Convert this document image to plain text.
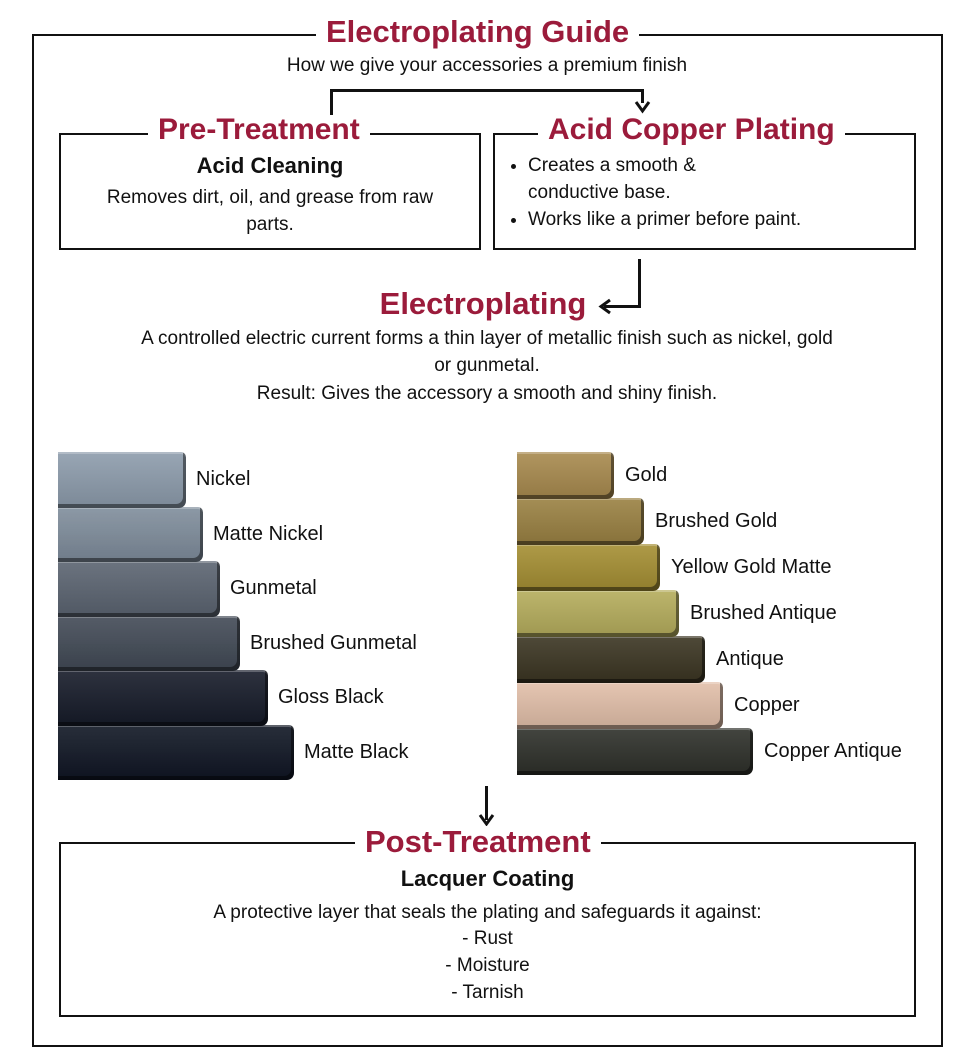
Electroplating Guide
How we give your accessories a premium finish
Acid Cleaning
Removes dirt, oil, and grease from raw parts.
Pre-Treatment
• Creates a smooth & conductive base.
• Works like a primer before paint.
Acid Copper Plating
Electroplating
A controlled electric current forms a thin layer of metallic finish such as nickel, gold or gunmetal.
Result: Gives the accessory a smooth and shiny finish.
Nickel
Matte Nickel
Gunmetal
Brushed Gunmetal
Gloss Black
Matte Black
Gold
Brushed Gold
Yellow Gold Matte
Brushed Antique
Antique
Copper
Copper Antique
Lacquer Coating
A protective layer that seals the plating and safeguards it against:
- Rust
- Moisture
- Tarnish
Post-Treatment
